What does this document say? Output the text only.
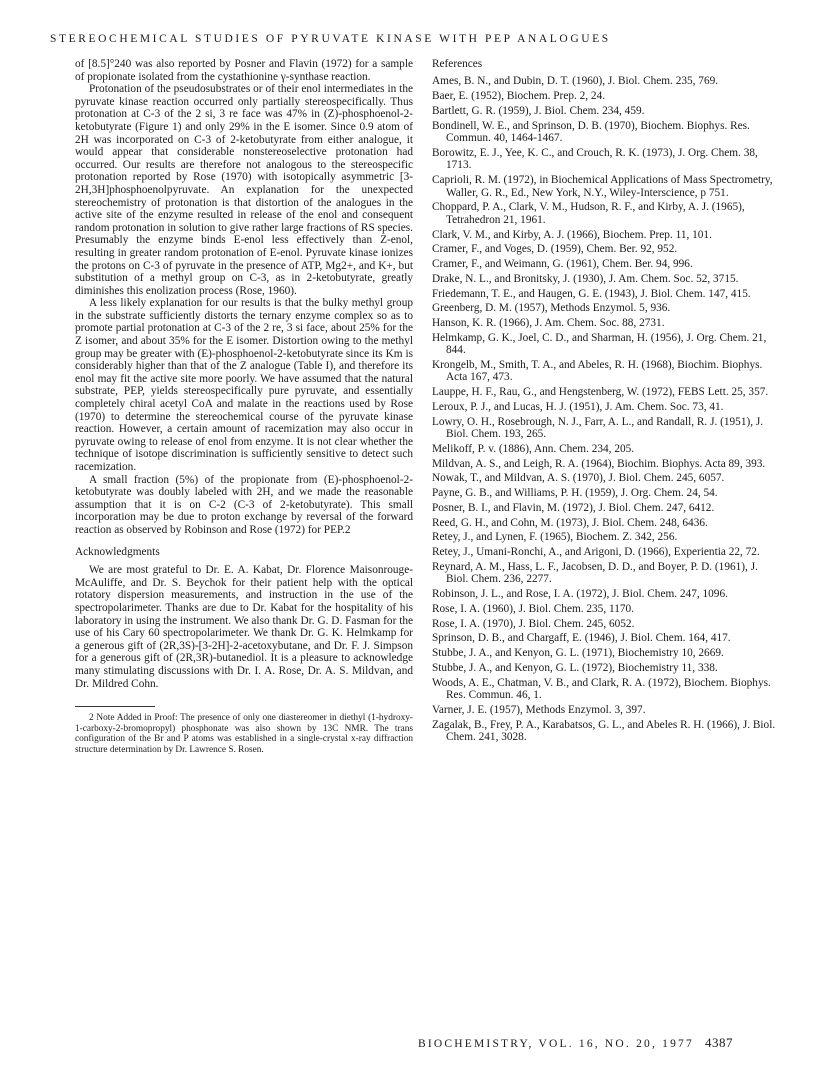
STEREOCHEMICAL STUDIES OF PYRUVATE KINASE WITH PEP ANALOGUES

of [8.5]°240 was also reported by Posner and Flavin (1972) for a sample of propionate isolated from the cystathionine γ-synthase reaction.

Protonation of the pseudosubstrates or of their enol intermediates in the pyruvate kinase reaction occurred only partially stereospecifically. Thus protonation at C-3 of the 2 si, 3 re face was 47% in (Z)-phosphoenol-2-ketobutyrate (Figure 1) and only 29% in the E isomer. Since 0.9 atom of 2H was incorporated on C-3 of 2-ketobutyrate from either analogue, it would appear that considerable nonstereoselective protonation had occurred. Our results are therefore not analogous to the stereospecific protonation reported by Rose (1970) with isotopically asymmetric [3-2H,3H]phosphoenolpyruvate. An explanation for the unexpected stereochemistry of protonation is that distortion of the analogues in the active site of the enzyme resulted in release of the enol and consequent random protonation in solution to give rather large fractions of RS species. Presumably the enzyme binds E-enol less effectively than Z-enol, resulting in greater random protonation of E-enol. Pyruvate kinase ionizes the protons on C-3 of pyruvate in the presence of ATP, Mg2+, and K+, but substitution of a methyl group on C-3, as in 2-ketobutyrate, greatly diminishes this enolization process (Rose, 1960).

A less likely explanation for our results is that the bulky methyl group in the substrate sufficiently distorts the ternary enzyme complex so as to promote partial protonation at C-3 of the 2 re, 3 si face, about 25% for the Z isomer, and about 35% for the E isomer. Distortion owing to the methyl group may be greater with (E)-phosphoenol-2-ketobutyrate since its Km is considerably higher than that of the Z analogue (Table I), and therefore its enol may fit the active site more poorly. We have assumed that the natural substrate, PEP, yields stereospecifically pure pyruvate, and essentially completely chiral acetyl CoA and malate in the reactions used by Rose (1970) to determine the stereochemical course of the pyruvate kinase reaction. However, a certain amount of racemization may also occur in pyruvate owing to release of enol from enzyme. It is not clear whether the technique of isotope discrimination is sufficiently sensitive to detect such racemization.

A small fraction (5%) of the propionate from (E)-phosphoenol-2-ketobutyrate was doubly labeled with 2H, and we made the reasonable assumption that it is on C-2 (C-3 of 2-ketobutyrate). This small incorporation may be due to proton exchange by reversal of the forward reaction as observed by Robinson and Rose (1972) for PEP.2

Acknowledgments

We are most grateful to Dr. E. A. Kabat, Dr. Florence Maisonrouge-McAuliffe, and Dr. S. Beychok for their patient help with the optical rotatory dispersion measurements, and instruction in the use of the spectropolarimeter. Thanks are due to Dr. Kabat for the hospitality of his laboratory in using the instrument. We also thank Dr. G. D. Fasman for the use of his Cary 60 spectropolarimeter. We thank Dr. G. K. Helmkamp for a generous gift of (2R,3S)-[3-2H]-2-acetoxybutane, and Dr. F. J. Simpson for a generous gift of (2R,3R)-butanediol. It is a pleasure to acknowledge many stimulating discussions with Dr. I. A. Rose, Dr. A. S. Mildvan, and Dr. Mildred Cohn.

2 Note Added in Proof: The presence of only one diastereomer in diethyl (1-hydroxy-1-carboxy-2-bromopropyl) phosphonate was also shown by 13C NMR. The trans configuration of the Br and P atoms was established in a single-crystal x-ray diffraction structure determination by Dr. Lawrence S. Rosen.

References
Ames, B. N., and Dubin, D. T. (1960), J. Biol. Chem. 235, 769.
Baer, E. (1952), Biochem. Prep. 2, 24.
Bartlett, G. R. (1959), J. Biol. Chem. 234, 459.
Bondinell, W. E., and Sprinson, D. B. (1970), Biochem. Biophys. Res. Commun. 40, 1464-1467.
Borowitz, E. J., Yee, K. C., and Crouch, R. K. (1973), J. Org. Chem. 38, 1713.
Caprioli, R. M. (1972), in Biochemical Applications of Mass Spectrometry, Waller, G. R., Ed., New York, N.Y., Wiley-Interscience, p 751.
Choppard, P. A., Clark, V. M., Hudson, R. F., and Kirby, A. J. (1965), Tetrahedron 21, 1961.
Clark, V. M., and Kirby, A. J. (1966), Biochem. Prep. 11, 101.
Cramer, F., and Voges, D. (1959), Chem. Ber. 92, 952.
Cramer, F., and Weimann, G. (1961), Chem. Ber. 94, 996.
Drake, N. L., and Bronitsky, J. (1930), J. Am. Chem. Soc. 52, 3715.
Friedemann, T. E., and Haugen, G. E. (1943), J. Biol. Chem. 147, 415.
Greenberg, D. M. (1957), Methods Enzymol. 5, 936.
Hanson, K. R. (1966), J. Am. Chem. Soc. 88, 2731.
Helmkamp, G. K., Joel, C. D., and Sharman, H. (1956), J. Org. Chem. 21, 844.
Krongelb, M., Smith, T. A., and Abeles, R. H. (1968), Biochim. Biophys. Acta 167, 473.
Lauppe, H. F., Rau, G., and Hengstenberg, W. (1972), FEBS Lett. 25, 357.
Leroux, P. J., and Lucas, H. J. (1951), J. Am. Chem. Soc. 73, 41.
Lowry, O. H., Rosebrough, N. J., Farr, A. L., and Randall, R. J. (1951), J. Biol. Chem. 193, 265.
Melikoff, P. v. (1886), Ann. Chem. 234, 205.
Mildvan, A. S., and Leigh, R. A. (1964), Biochim. Biophys. Acta 89, 393.
Nowak, T., and Mildvan, A. S. (1970), J. Biol. Chem. 245, 6057.
Payne, G. B., and Williams, P. H. (1959), J. Org. Chem. 24, 54.
Posner, B. I., and Flavin, M. (1972), J. Biol. Chem. 247, 6412.
Reed, G. H., and Cohn, M. (1973), J. Biol. Chem. 248, 6436.
Retey, J., and Lynen, F. (1965), Biochem. Z. 342, 256.
Retey, J., Umani-Ronchi, A., and Arigoni, D. (1966), Experientia 22, 72.
Reynard, A. M., Hass, L. F., Jacobsen, D. D., and Boyer, P. D. (1961), J. Biol. Chem. 236, 2277.
Robinson, J. L., and Rose, I. A. (1972), J. Biol. Chem. 247, 1096.
Rose, I. A. (1960), J. Biol. Chem. 235, 1170.
Rose, I. A. (1970), J. Biol. Chem. 245, 6052.
Sprinson, D. B., and Chargaff, E. (1946), J. Biol. Chem. 164, 417.
Stubbe, J. A., and Kenyon, G. L. (1971), Biochemistry 10, 2669.
Stubbe, J. A., and Kenyon, G. L. (1972), Biochemistry 11, 338.
Woods, A. E., Chatman, V. B., and Clark, R. A. (1972), Biochem. Biophys. Res. Commun. 46, 1.
Varner, J. E. (1957), Methods Enzymol. 3, 397.
Zagalak, B., Frey, P. A., Karabatsos, G. L., and Abeles R. H. (1966), J. Biol. Chem. 241, 3028.
BIOCHEMISTRY, VOL. 16, NO. 20, 1977 4387
